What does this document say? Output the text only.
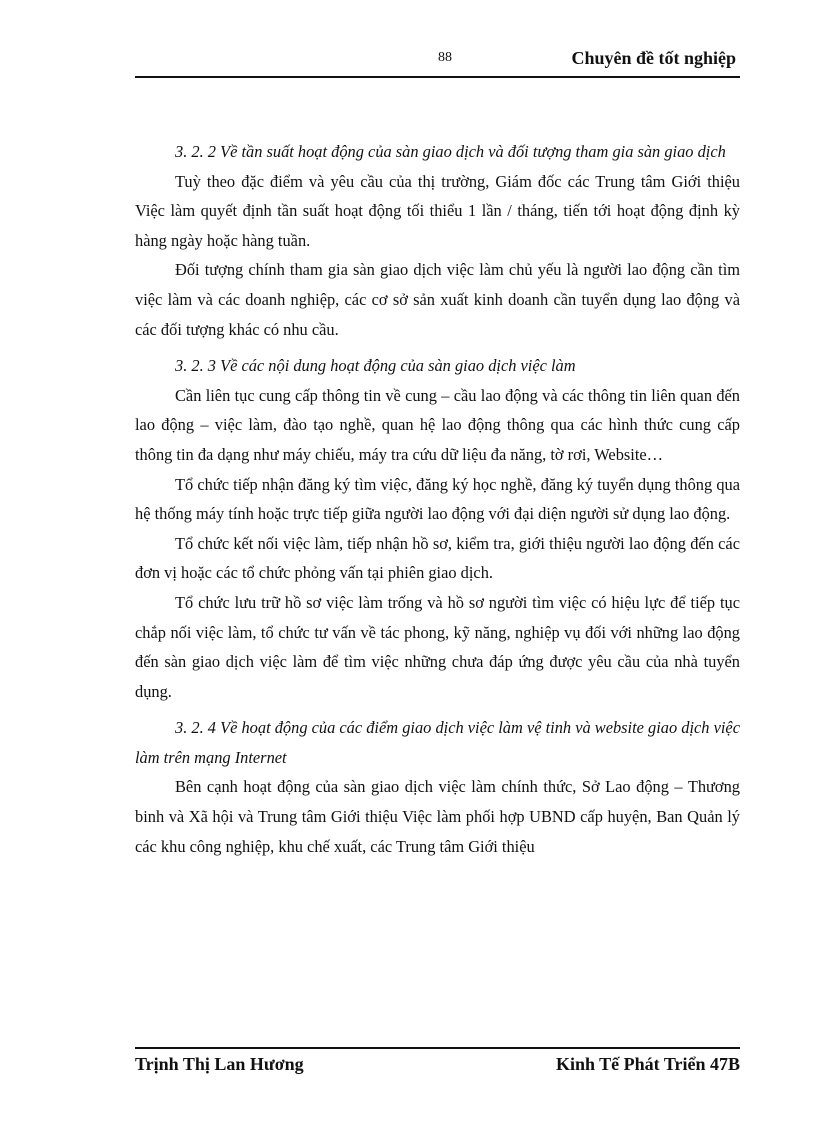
88	Chuyên đề tốt nghiệp

3. 2. 2 Về tần suất hoạt động của sàn giao dịch và đối tượng tham gia sàn giao dịch

Tuỳ theo đặc điểm và yêu cầu của thị trường, Giám đốc các Trung tâm Giới thiệu Việc làm quyết định tần suất hoạt động tối thiểu 1 lần / tháng, tiến tới hoạt động định kỳ hàng ngày hoặc hàng tuần.

Đối tượng chính tham gia sàn giao dịch việc làm chủ yếu là người lao động cần tìm việc làm và các doanh nghiệp, các cơ sở sản xuất kinh doanh cần tuyển dụng lao động và các đối tượng khác có nhu cầu.

3. 2. 3 Về các nội dung hoạt động của sàn giao dịch việc làm

Cần liên tục cung cấp thông tin về cung – cầu lao động và các thông tin liên quan đến lao động – việc làm, đào tạo nghề, quan hệ lao động thông qua các hình thức cung cấp thông tin đa dạng như máy chiếu, máy tra cứu dữ liệu đa năng, tờ rơi, Website…

Tổ chức tiếp nhận đăng ký tìm việc, đăng ký học nghề, đăng ký tuyển dụng thông qua hệ thống máy tính hoặc trực tiếp giữa người lao động với đại diện người sử dụng lao động.

Tổ chức kết nối việc làm, tiếp nhận hồ sơ, kiểm tra, giới thiệu người lao động đến các đơn vị hoặc các tổ chức phỏng vấn tại phiên giao dịch.

Tổ chức lưu trữ hồ sơ việc làm trống và hồ sơ người tìm việc có hiệu lực để tiếp tục chắp nối việc làm, tổ chức tư vấn về tác phong, kỹ năng, nghiệp vụ đối với những lao động đến sàn giao dịch việc làm để tìm việc những chưa đáp ứng được yêu cầu của nhà tuyển dụng.

3. 2. 4 Về hoạt động của các điểm giao dịch việc làm vệ tinh và website giao dịch việc làm trên mạng Internet

Bên cạnh hoạt động của sàn giao dịch việc làm chính thức, Sở Lao động – Thương binh và Xã hội và Trung tâm Giới thiệu Việc làm phối hợp UBND cấp huyện, Ban Quản lý các khu công nghiệp, khu chế xuất, các Trung tâm Giới thiệu

Trịnh Thị Lan Hương	Kinh Tế Phát Triển 47B
